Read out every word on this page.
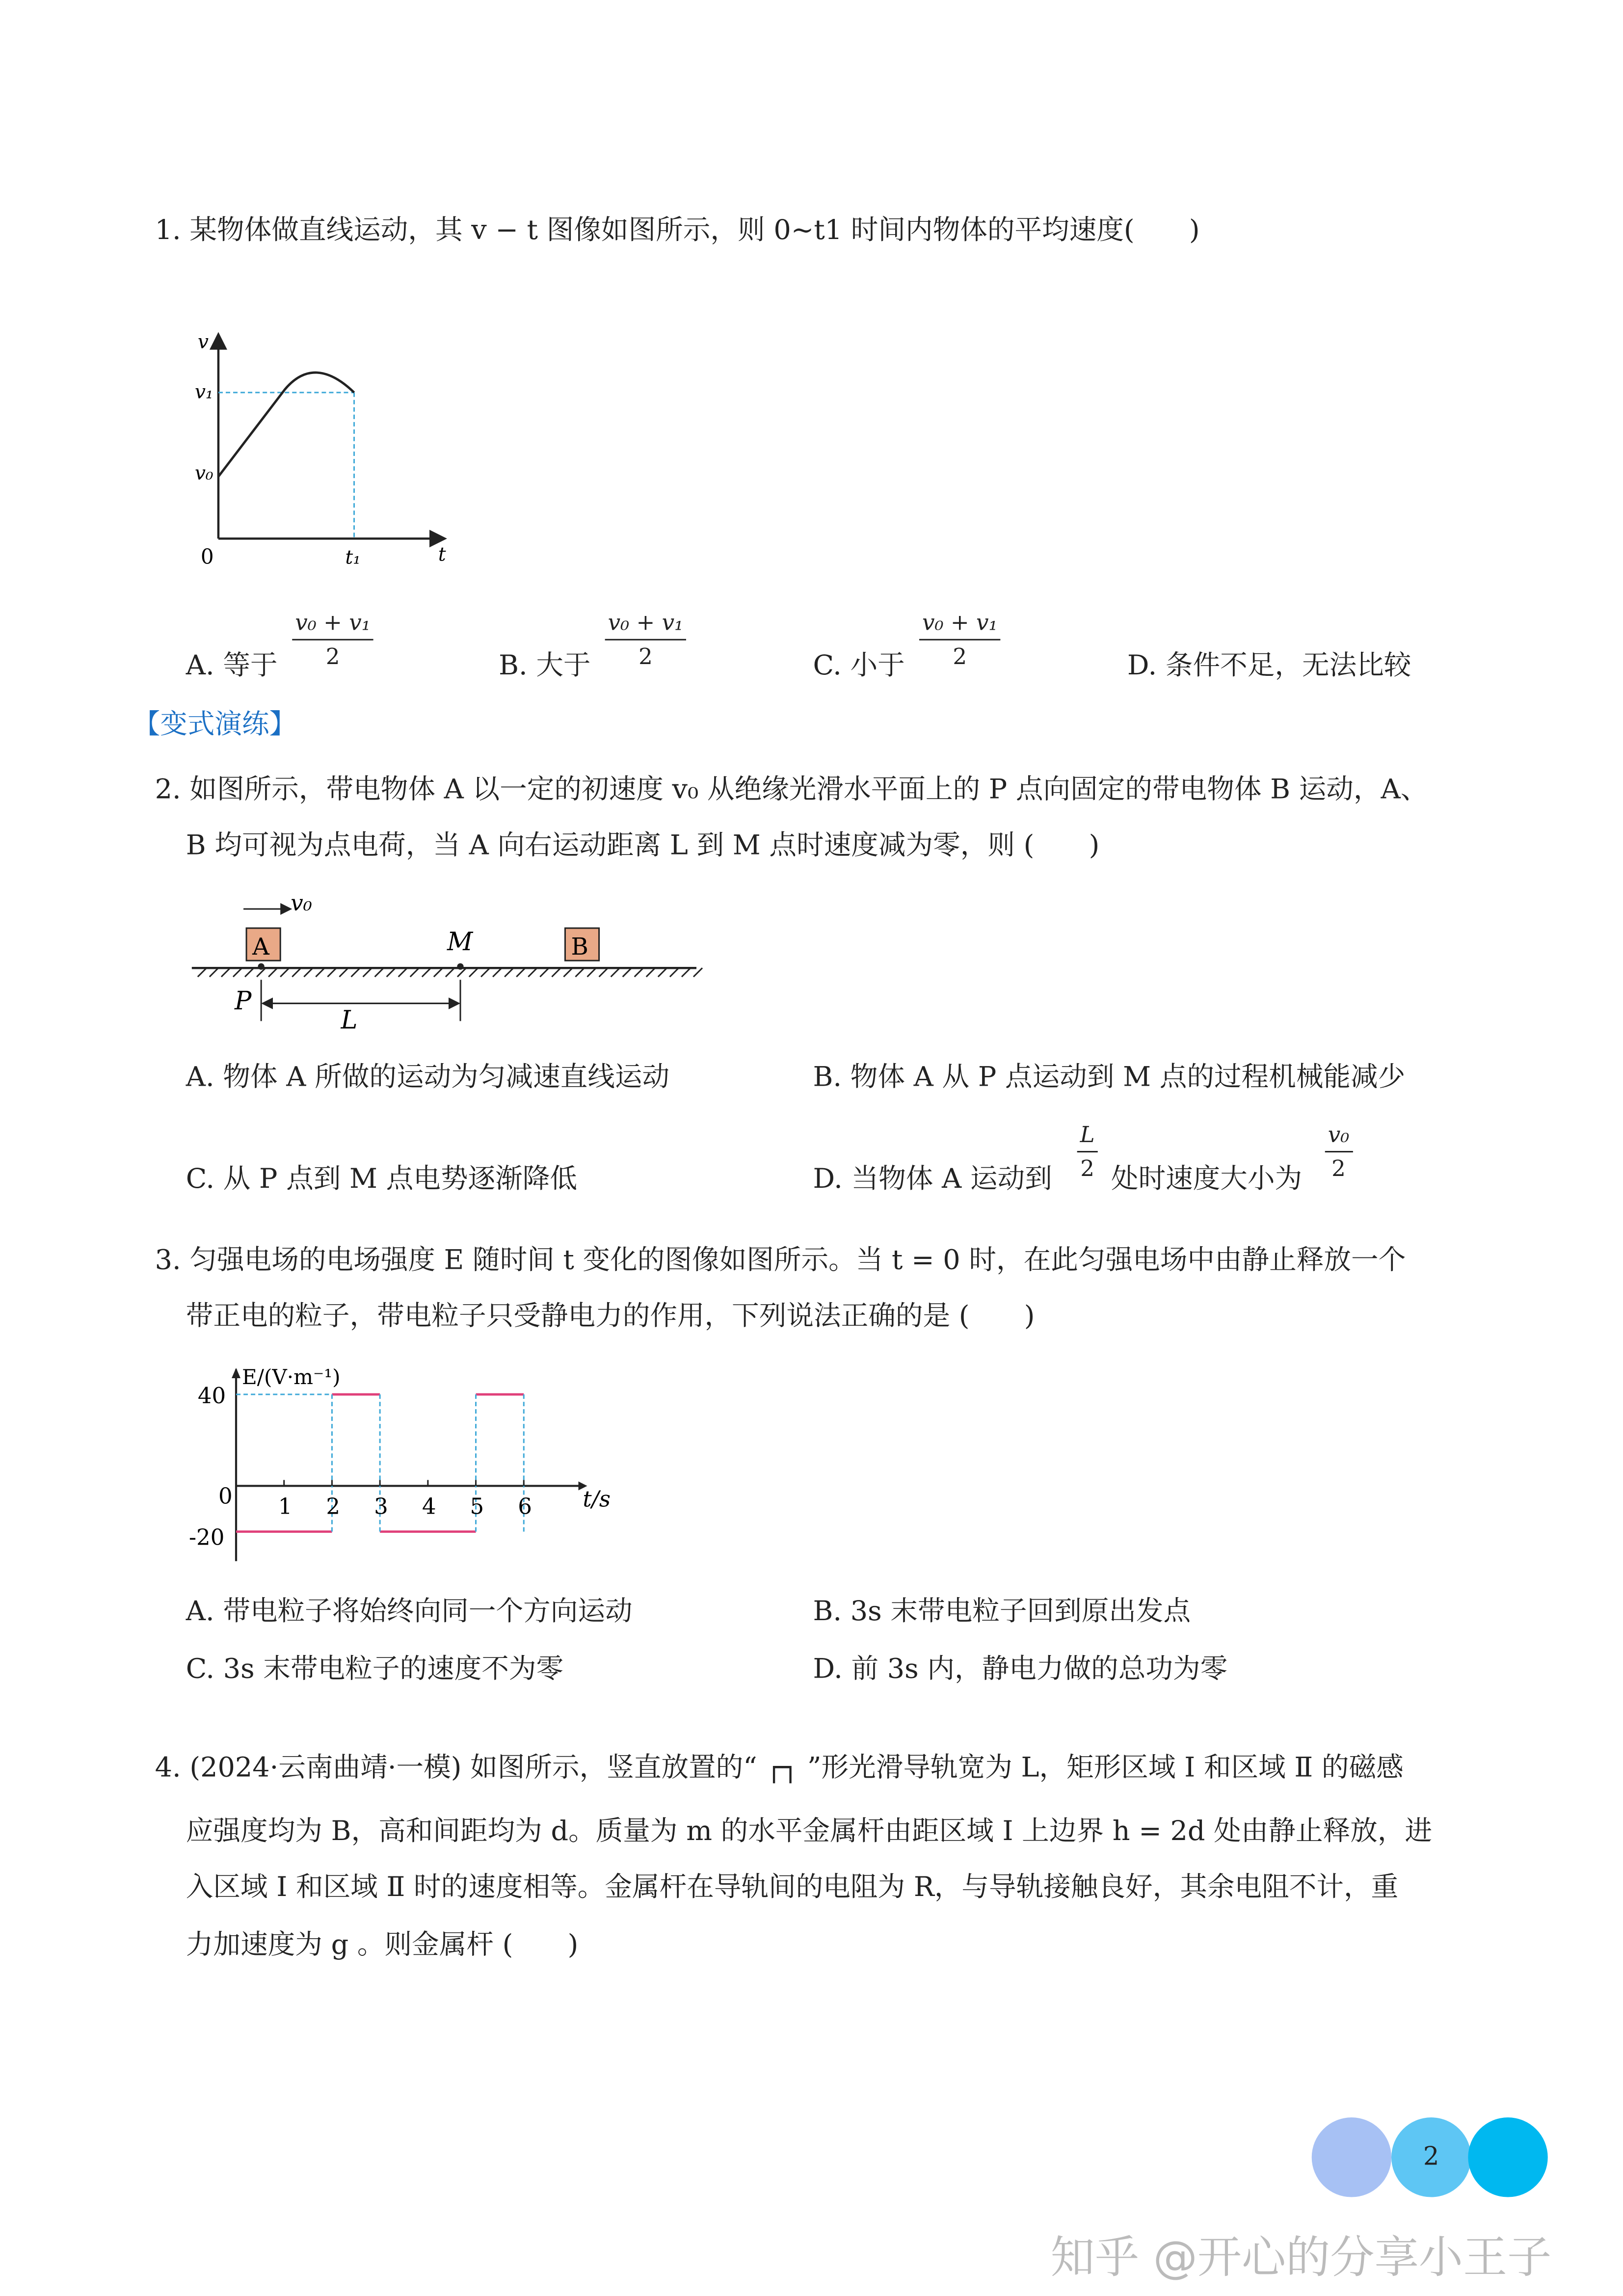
1. 某物体做直线运动，其 v − t 图像如图所示，则 0~t1 时间内物体的平均速度(　　)
v
v₁
v₀
0	t₁	t
A. 等于 $\frac{\text{v₀ + v₁}}{2}$	B. 大于 $\frac{\text{v₀ + v₁}}{2}$	C. 小于 $\frac{\text{v₀ + v₁}}{2}$	D. 条件不足，无法比较
【变式演练】
2. 如图所示，带电物体 A 以一定的初速度 v₀ 从绝缘光滑水平面上的 P 点向固定的带电物体 B 运动，A、
B 均可视为点电荷，当 A 向右运动距离 L 到 M 点时速度减为零，则 (　　)
A	B
v₀
M
P
L
A. 物体 A 所做的运动为匀减速直线运动	B. 物体 A 从 P 点运动到 M 点的过程机械能减少
C. 从 P 点到 M 点电势逐渐降低	D. 当物体 A 运动到	$\frac{L}{2}$ 处时速度大小为	$\frac{\text{v₀}}{2}$
3. 匀强电场的电场强度 E 随时间 t 变化的图像如图所示。当 t = 0 时，在此匀强电场中由静止释放一个
带正电的粒子，带电粒子只受静电力的作用，下列说法正确的是 (　　)
1	2	3	4	5	6
40
0
-20
t/s
E/(V·m⁻¹)
A. 带电粒子将始终向同一个方向运动	B. 3s 末带电粒子回到原出发点
C. 3s 末带电粒子的速度不为零	D. 前 3s 内，静电力做的总功为零
4. (2024·云南曲靖·一模) 如图所示，竖直放置的“ ┌┐ ”形光滑导轨宽为 L，矩形区域 Ⅰ 和区域 Ⅱ 的磁感
应强度均为 B，高和间距均为 d。质量为 m 的水平金属杆由距区域 Ⅰ 上边界 h = 2d 处由静止释放，进
入区域 Ⅰ 和区域 Ⅱ 时的速度相等。金属杆在导轨间的电阻为 R，与导轨接触良好，其余电阻不计，重
力加速度为 g 。则金属杆 (　　)
2
知乎 @开心的分享小王子
